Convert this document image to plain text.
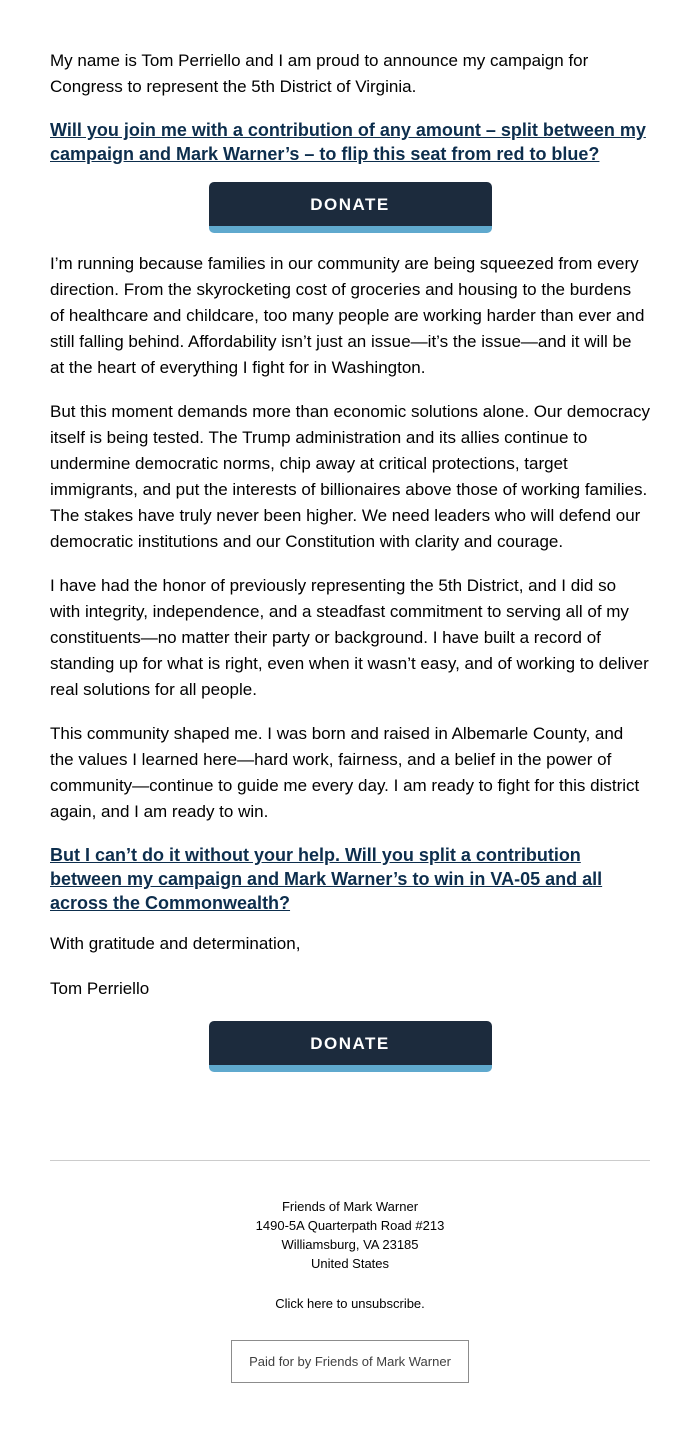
My name is Tom Perriello and I am proud to announce my campaign for Congress to represent the 5th District of Virginia.

Will you join me with a contribution of any amount – split between my campaign and Mark Warner’s – to flip this seat from red to blue?

DONATE

I’m running because families in our community are being squeezed from every direction. From the skyrocketing cost of groceries and housing to the burdens of healthcare and childcare, too many people are working harder than ever and still falling behind. Affordability isn’t just an issue—it’s the issue—and it will be at the heart of everything I fight for in Washington.

But this moment demands more than economic solutions alone. Our democracy itself is being tested. The Trump administration and its allies continue to undermine democratic norms, chip away at critical protections, target immigrants, and put the interests of billionaires above those of working families. The stakes have truly never been higher. We need leaders who will defend our democratic institutions and our Constitution with clarity and courage.

I have had the honor of previously representing the 5th District, and I did so with integrity, independence, and a steadfast commitment to serving all of my constituents—no matter their party or background. I have built a record of standing up for what is right, even when it wasn’t easy, and of working to deliver real solutions for all people.

This community shaped me. I was born and raised in Albemarle County, and the values I learned here—hard work, fairness, and a belief in the power of community—continue to guide me every day. I am ready to fight for this district again, and I am ready to win.

But I can’t do it without your help. Will you split a contribution between my campaign and Mark Warner’s to win in VA-05 and all across the Commonwealth?

With gratitude and determination,

Tom Perriello

DONATE

Friends of Mark Warner

1490-5A Quarterpath Road #213

Williamsburg, VA 23185

United States

Click here to unsubscribe.

Paid for by Friends of Mark Warner
